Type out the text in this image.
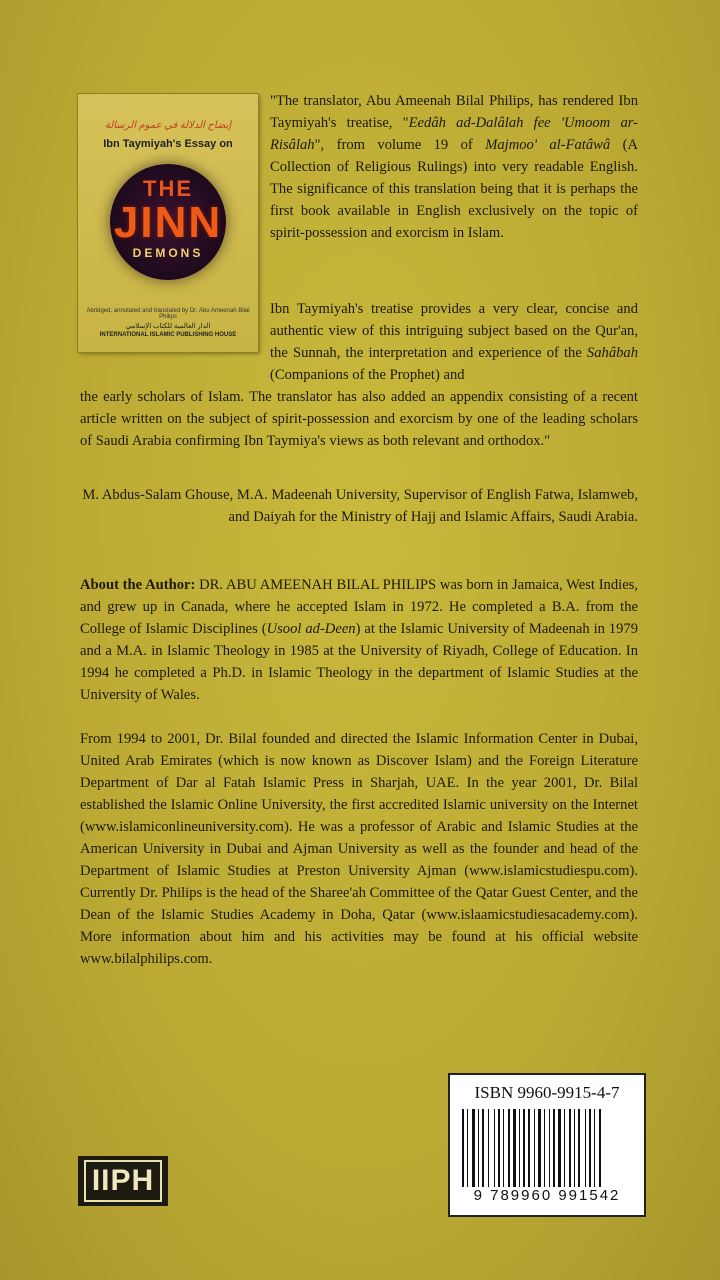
إيضاح الدلالة في عموم الرسالة
Ibn Taymiyah's Essay on
THE
JINN
DEMONS
Abridged, annotated and translated by Dr. Abu Ameenah Bilal Philips
الدار العالمية للكتاب الإسلامي
INTERNATIONAL ISLAMIC PUBLISHING HOUSE

"The translator, Abu Ameenah Bilal Philips, has rendered Ibn Taymiyah's treatise, "Eedâh ad-Dalâlah fee 'Umoom ar-Risâlah", from volume 19 of Majmoo' al-Fatâwâ (A Collection of Religious Rulings) into very readable English. The significance of this translation being that it is perhaps the first book available in English exclusively on the topic of spirit-possession and exorcism in Islam.

Ibn Taymiyah's treatise provides a very clear, concise and authentic view of this intriguing subject based on the Qur'an, the Sunnah, the interpretation and experience of the Sahâbah (Companions of the Prophet) and

the early scholars of Islam. The translator has also added an appendix consisting of a recent article written on the subject of spirit-possession and exorcism by one of the leading scholars of Saudi Arabia confirming Ibn Taymiya's views as both relevant and orthodox."

M. Abdus-Salam Ghouse, M.A. Madeenah University, Supervisor of English Fatwa, Islamweb, and Daiyah for the Ministry of Hajj and Islamic Affairs, Saudi Arabia.

About the Author: DR. ABU AMEENAH BILAL PHILIPS was born in Jamaica, West Indies, and grew up in Canada, where he accepted Islam in 1972. He completed a B.A. from the College of Islamic Disciplines (Usool ad-Deen) at the Islamic University of Madeenah in 1979 and a M.A. in Islamic Theology in 1985 at the University of Riyadh, College of Education. In 1994 he completed a Ph.D. in Islamic Theology in the department of Islamic Studies at the University of Wales.

From 1994 to 2001, Dr. Bilal founded and directed the Islamic Information Center in Dubai, United Arab Emirates (which is now known as Discover Islam) and the Foreign Literature Department of Dar al Fatah Islamic Press in Sharjah, UAE. In the year 2001, Dr. Bilal established the Islamic Online University, the first accredited Islamic university on the Internet (www.islamiconlineuniversity.com). He was a professor of Arabic and Islamic Studies at the American University in Dubai and Ajman University as well as the founder and head of the Department of Islamic Studies at Preston University Ajman (www.islamicstudiespu.com). Currently Dr. Philips is the head of the Sharee'ah Committee of the Qatar Guest Center, and the Dean of the Islamic Studies Academy in Doha, Qatar (www.islaamicstudiesacademy.com). More information about him and his activities may be found at his official website www.bilalphilips.com.

IIPH
ISBN 9960-9915-4-7
9 789960 991542
